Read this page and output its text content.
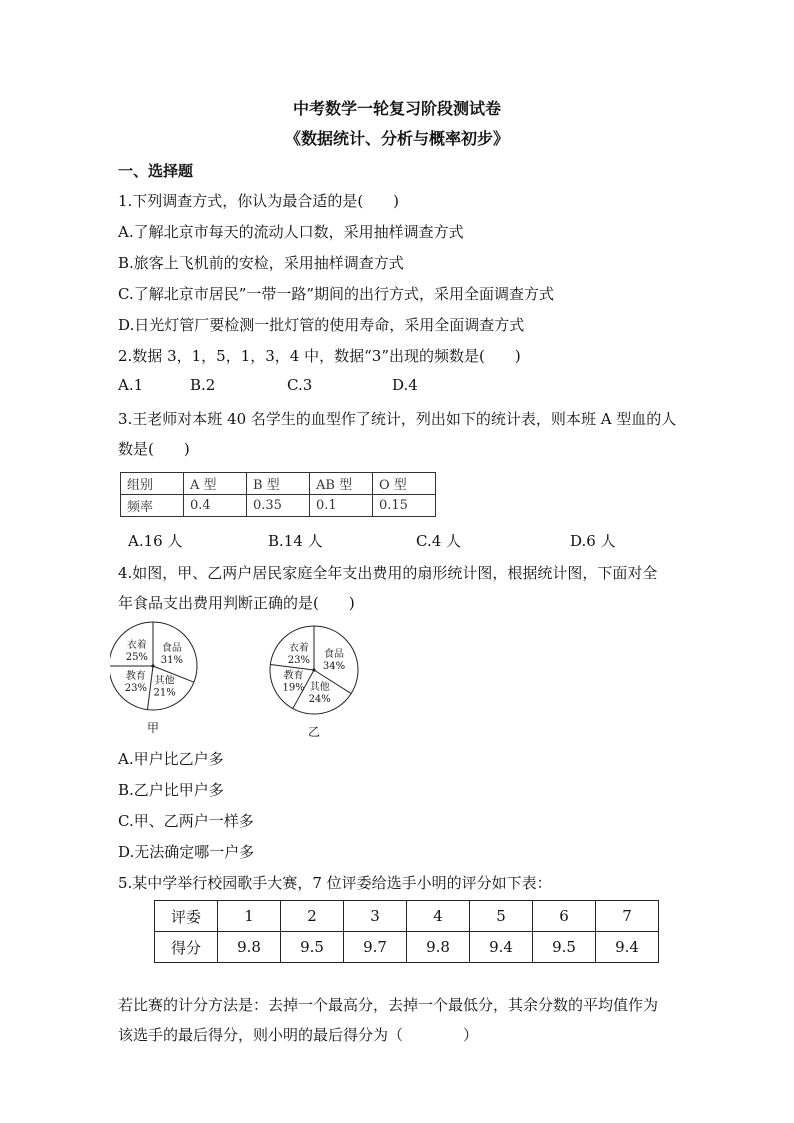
中考数学一轮复习阶段测试卷
《数据统计、分析与概率初步》
一、选择题
1.下列调查方式，你认为最合适的是(　　)
A.了解北京市每天的流动人口数，采用抽样调查方式
B.旅客上飞机前的安检，采用抽样调查方式
C.了解北京市居民”一带一路”期间的出行方式，采用全面调查方式
D.日光灯管厂要检测一批灯管的使用寿命，采用全面调查方式
2.数据 3，1，5，1，3，4 中，数据“3”出现的频数是(　　)
A.1	B.2	C.3	D.4
3.王老师对本班 40 名学生的血型作了统计，列出如下的统计表，则本班 A 型血的人
数是(　　)
组别	A 型	B 型	AB 型	O 型
频率	0.4	0.35	0.1	0.15
A.16 人	B.14 人	C.4 人	D.6 人
4.如图，甲、乙两户居民家庭全年支出费用的扇形统计图，根据统计图，下面对全
年食品支出费用判断正确的是(　　)
食品
31%
其他
21%
教育
23%
衣着
25%
甲
食品
34%
其他
24%
教育
19%
衣着
23%
乙
A.甲户比乙户多
B.乙户比甲户多
C.甲、乙两户一样多
D.无法确定哪一户多
5.某中学举行校园歌手大赛，7 位评委给选手小明的评分如下表：
评委	1	2	3	4	5	6	7
得分	9.8	9.5	9.7	9.8	9.4	9.5	9.4
若比赛的计分方法是：去掉一个最高分，去掉一个最低分，其余分数的平均值作为
该选手的最后得分，则小明的最后得分为（　　　　）
